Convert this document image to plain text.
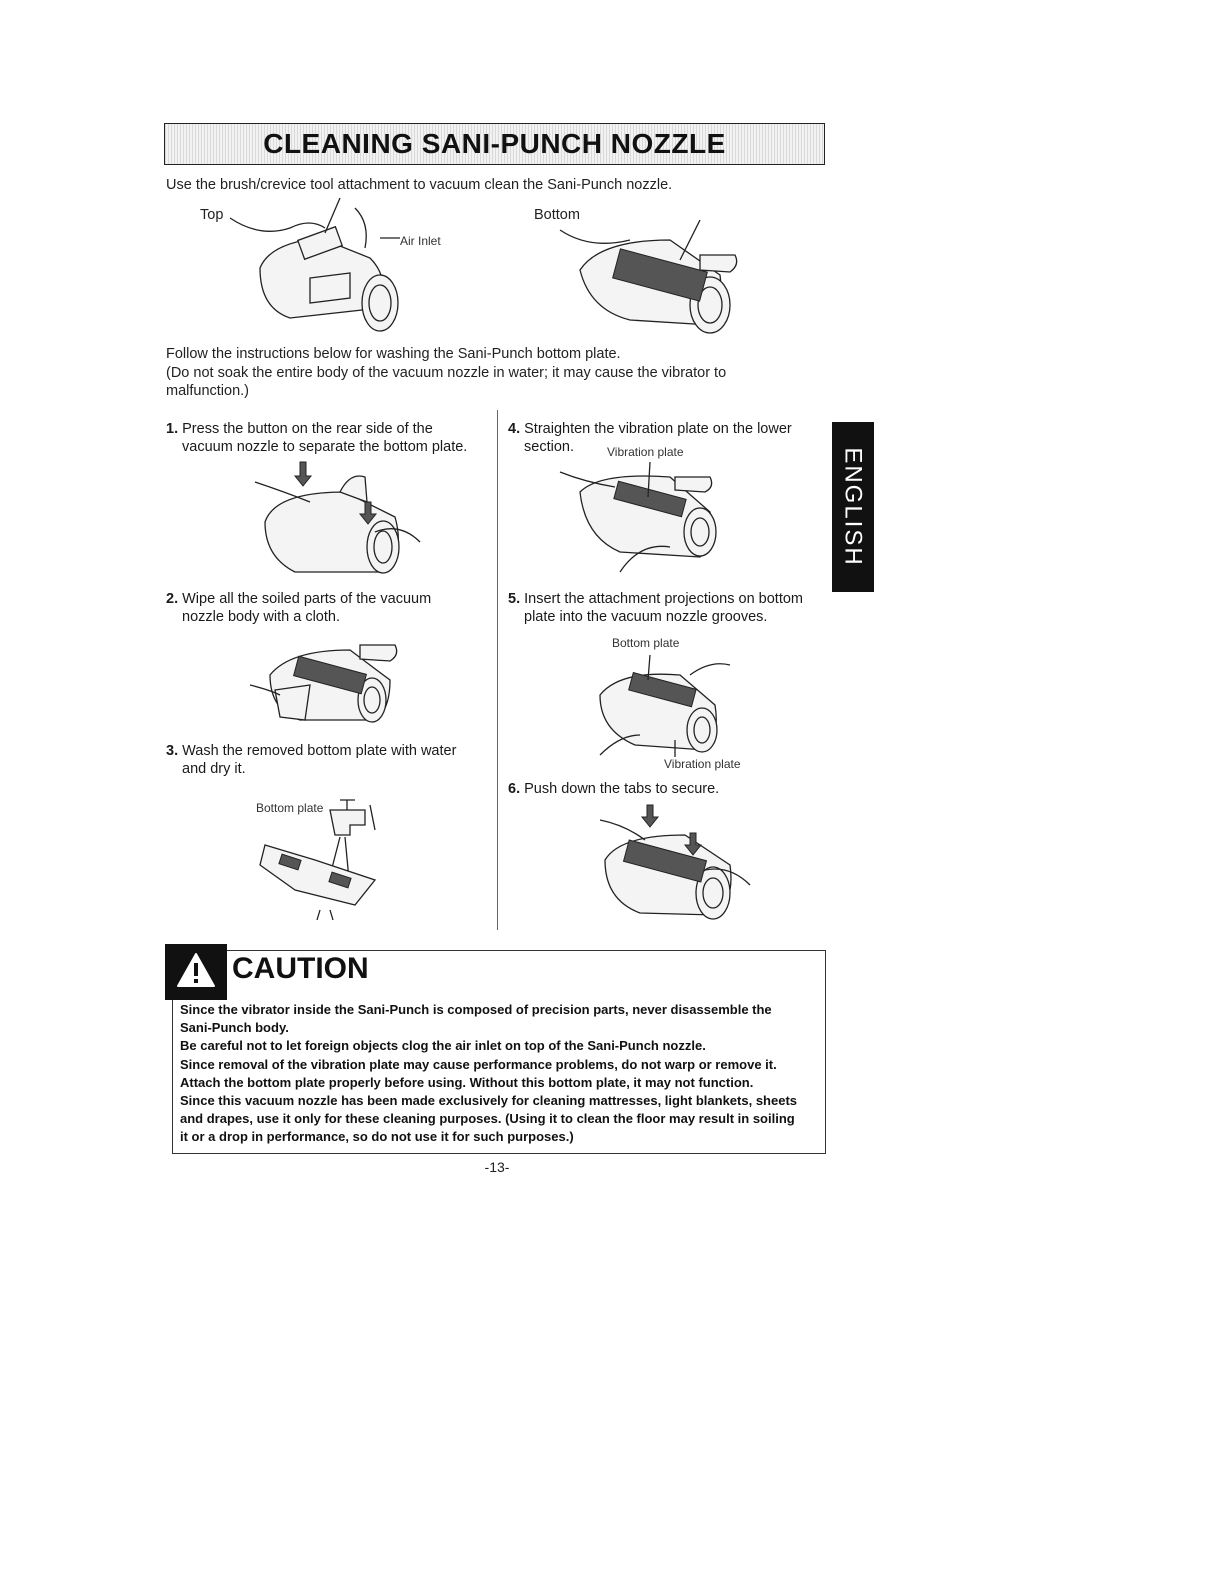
CLEANING SANI-PUNCH NOZZLE
Use the brush/crevice tool attachment to vacuum clean the Sani-Punch nozzle.
Top
Air Inlet
Bottom
Follow the instructions below for washing the Sani-Punch bottom plate.
(Do not soak the entire body of the vacuum nozzle in water; it may cause the vibrator to
malfunction.)
1. Press the button on the rear side of the
vacuum nozzle to separate the bottom plate.
2. Wipe all the soiled parts of the vacuum
nozzle body with a cloth.
3. Wash the removed bottom plate with water
and dry it.
Bottom plate
4. Straighten the vibration plate on the lower
section.	Vibration plate
5. Insert the attachment projections on bottom
plate into the vacuum nozzle grooves.
Bottom plate
Vibration plate
6. Push down the tabs to secure.
ENGLISH
CAUTION
Since the vibrator inside the Sani-Punch is composed of precision parts, never disassemble the
Sani-Punch body.
Be careful not to let foreign objects clog the air inlet on top of the Sani-Punch nozzle.
Since removal of the vibration plate may cause performance problems, do not warp or remove it.
Attach the bottom plate properly before using. Without this bottom plate, it may not function.
Since this vacuum nozzle has been made exclusively for cleaning mattresses, light blankets, sheets
and drapes, use it only for these cleaning purposes. (Using it to clean the floor may result in soiling
it or a drop in performance, so do not use it for such purposes.)
-13-
